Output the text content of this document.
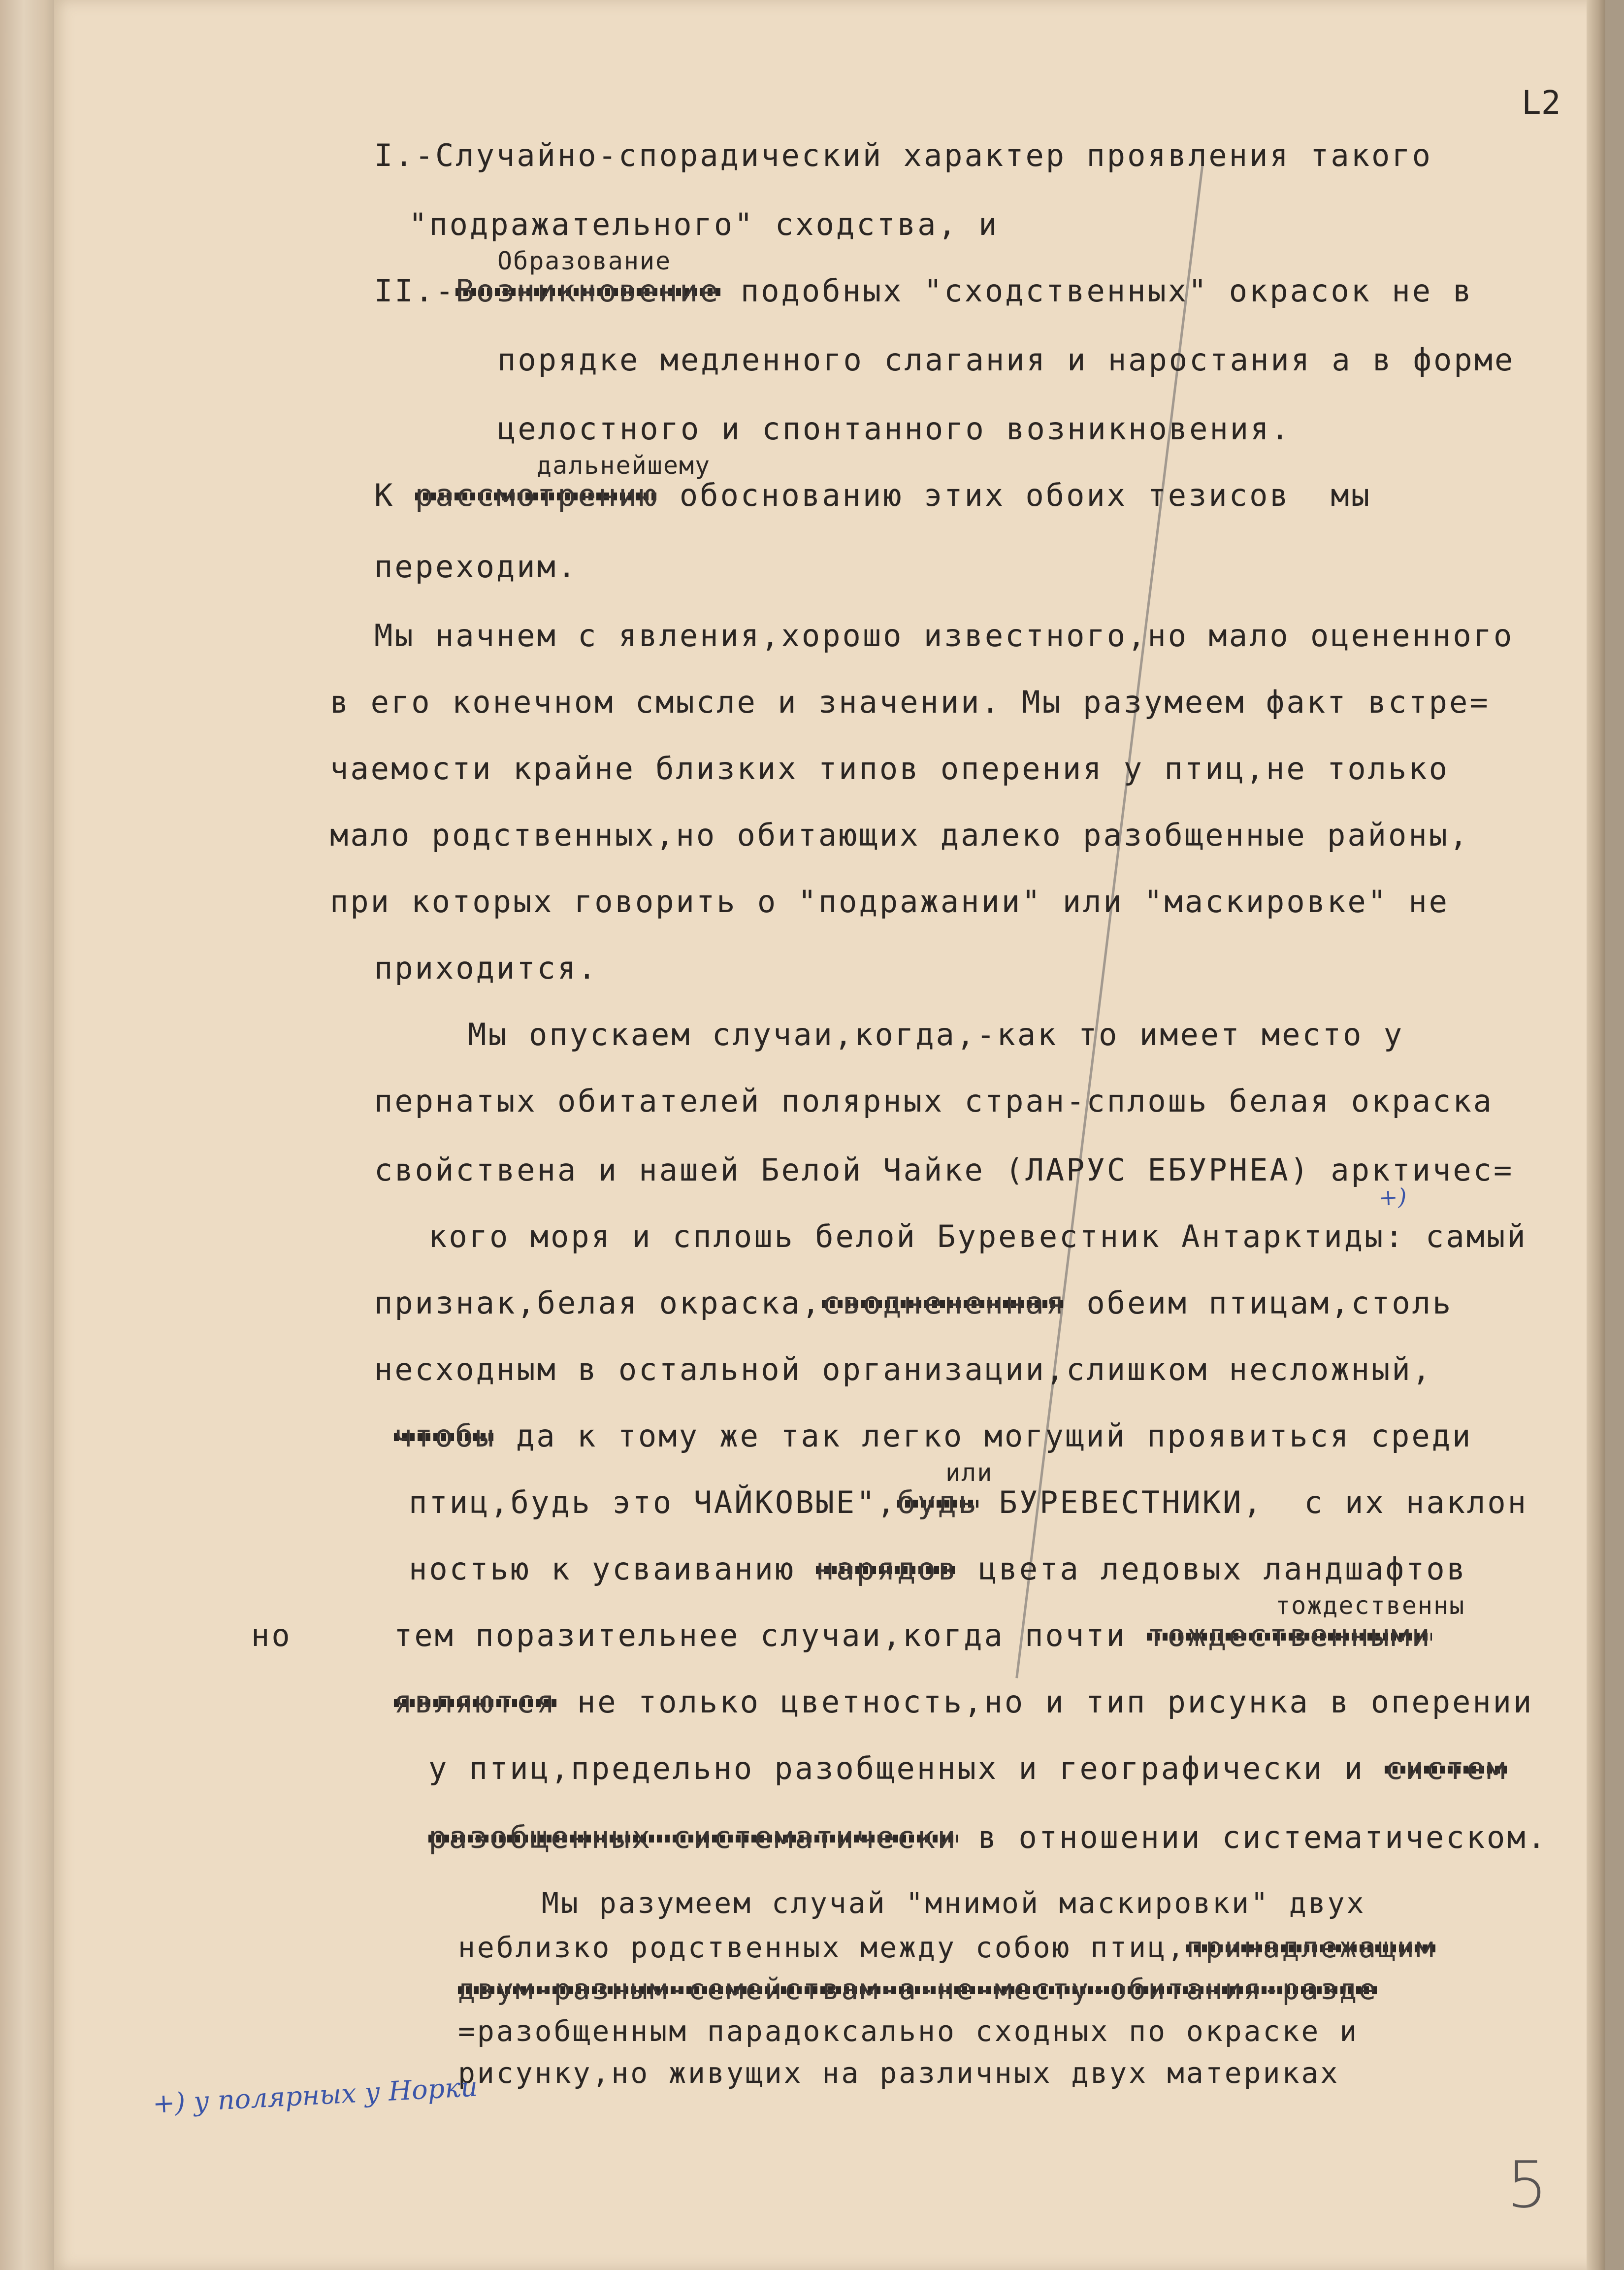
L2

I.-Случайно-спорадический характер проявления такого

"подражательного" сходства, и

Образование

II.-Возникновение подобных "сходственных" окрасок не в

порядке медленного слагания и наростания а в форме

целостного и спонтанного возникновения.

дальнейшему

К рассмотрению обоснованию этих обоих тезисов  мы

переходим.

Мы начнем с явления,хорошо известного,но мало оцененного

в его конечном смысле и значении. Мы разумеем факт встре=

чаемости крайне близких типов оперения у птиц,не только

мало родственных,но обитающих далеко разобщенные районы,

при которых говорить о "подражании" или "маскировке" не

приходится.

Мы опускаем случаи,когда,-как то имеет место у

пернатых обитателей полярных стран-сплошь белая окраска

свойствена и нашей Белой Чайке (ЛАРУС ЕБУРНЕА) арктичес=

+)

кого моря и сплошь белой Буревестник Антарктиды: самый

признак,белая окраска,своднененная обеим птицам,столь

несходным в остальной организации,слишком несложный,

чтобы да к тому же так легко могущий проявиться среди

или

птиц,будь это ЧАЙКОВЫЕ",будь БУРЕВЕСТНИКИ,  с их наклон

ностью к усваиванию нарядов цвета ледовых ландшафтов

тождественны

но	тем поразительнее случаи,когда почти тождественными

являются не только цветность,но и тип рисунка в оперении

у птиц,предельно разобщенных и географически и систем

разобщенных систематически в отношении систематическом.

Мы разумеем случай "мнимой маскировки" двух

неблизко родственных между собою птиц,принадлежащим

двум-разным-семействам-а-не-месту-обитания-разде

=разобщенным парадоксально сходных по окраске и

рисунку,но живущих на различных двух материках

+) у полярных у Норки

5
